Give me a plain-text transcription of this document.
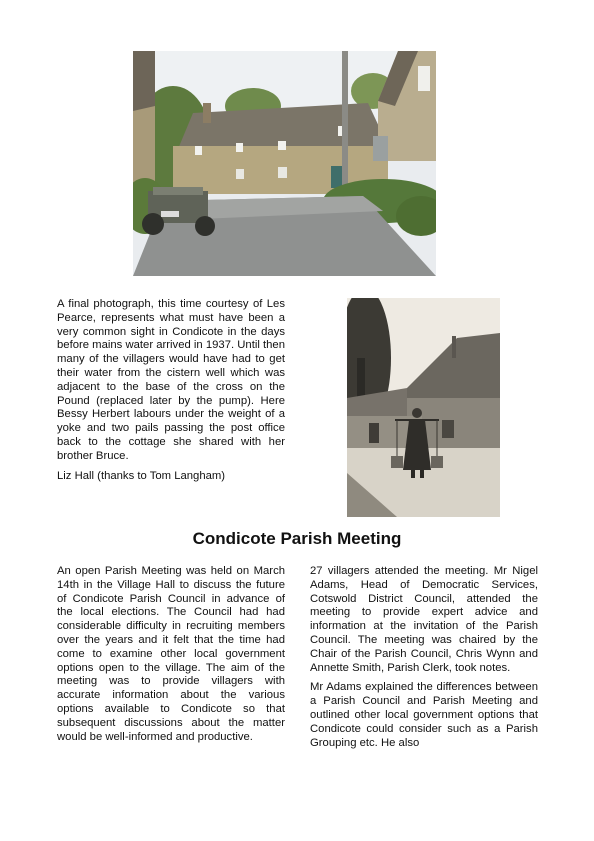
A final photograph, this time courtesy of Les Pearce, represents what must have been a very common sight in Condicote in the days before mains water arrived in 1937. Until then many of the villagers would have had to get their water from the cistern well which was adjacent to the base of the cross on the Pound (replaced later by the pump). Here Bessy Herbert labours under the weight of a yoke and two pails passing the post office back to the cottage she shared with her brother Bruce.

Liz Hall (thanks to Tom Langham)

Condicote Parish Meeting

An open Parish Meeting was held on March 14th in the Village Hall to discuss the future of Condicote Parish Council in advance of the local elections. The Council had had considerable difficulty in recruiting members over the years and it felt that the time had come to examine other local government options open to the village. The aim of the meeting was to provide villagers with accurate information about the various options available to Condicote so that subsequent discussions about the matter would be well-informed and productive.

27 villagers attended the meeting. Mr Nigel Adams, Head of Democratic Services, Cotswold District Council, attended the meeting to provide expert advice and information at the invitation of the Parish Council. The meeting was chaired by the Chair of the Parish Council, Chris Wynn and Annette Smith, Parish Clerk, took notes.

Mr Adams explained the differences between a Parish Council and Parish Meeting and outlined other local government options that Condicote could consider such as a Parish Grouping etc. He also
